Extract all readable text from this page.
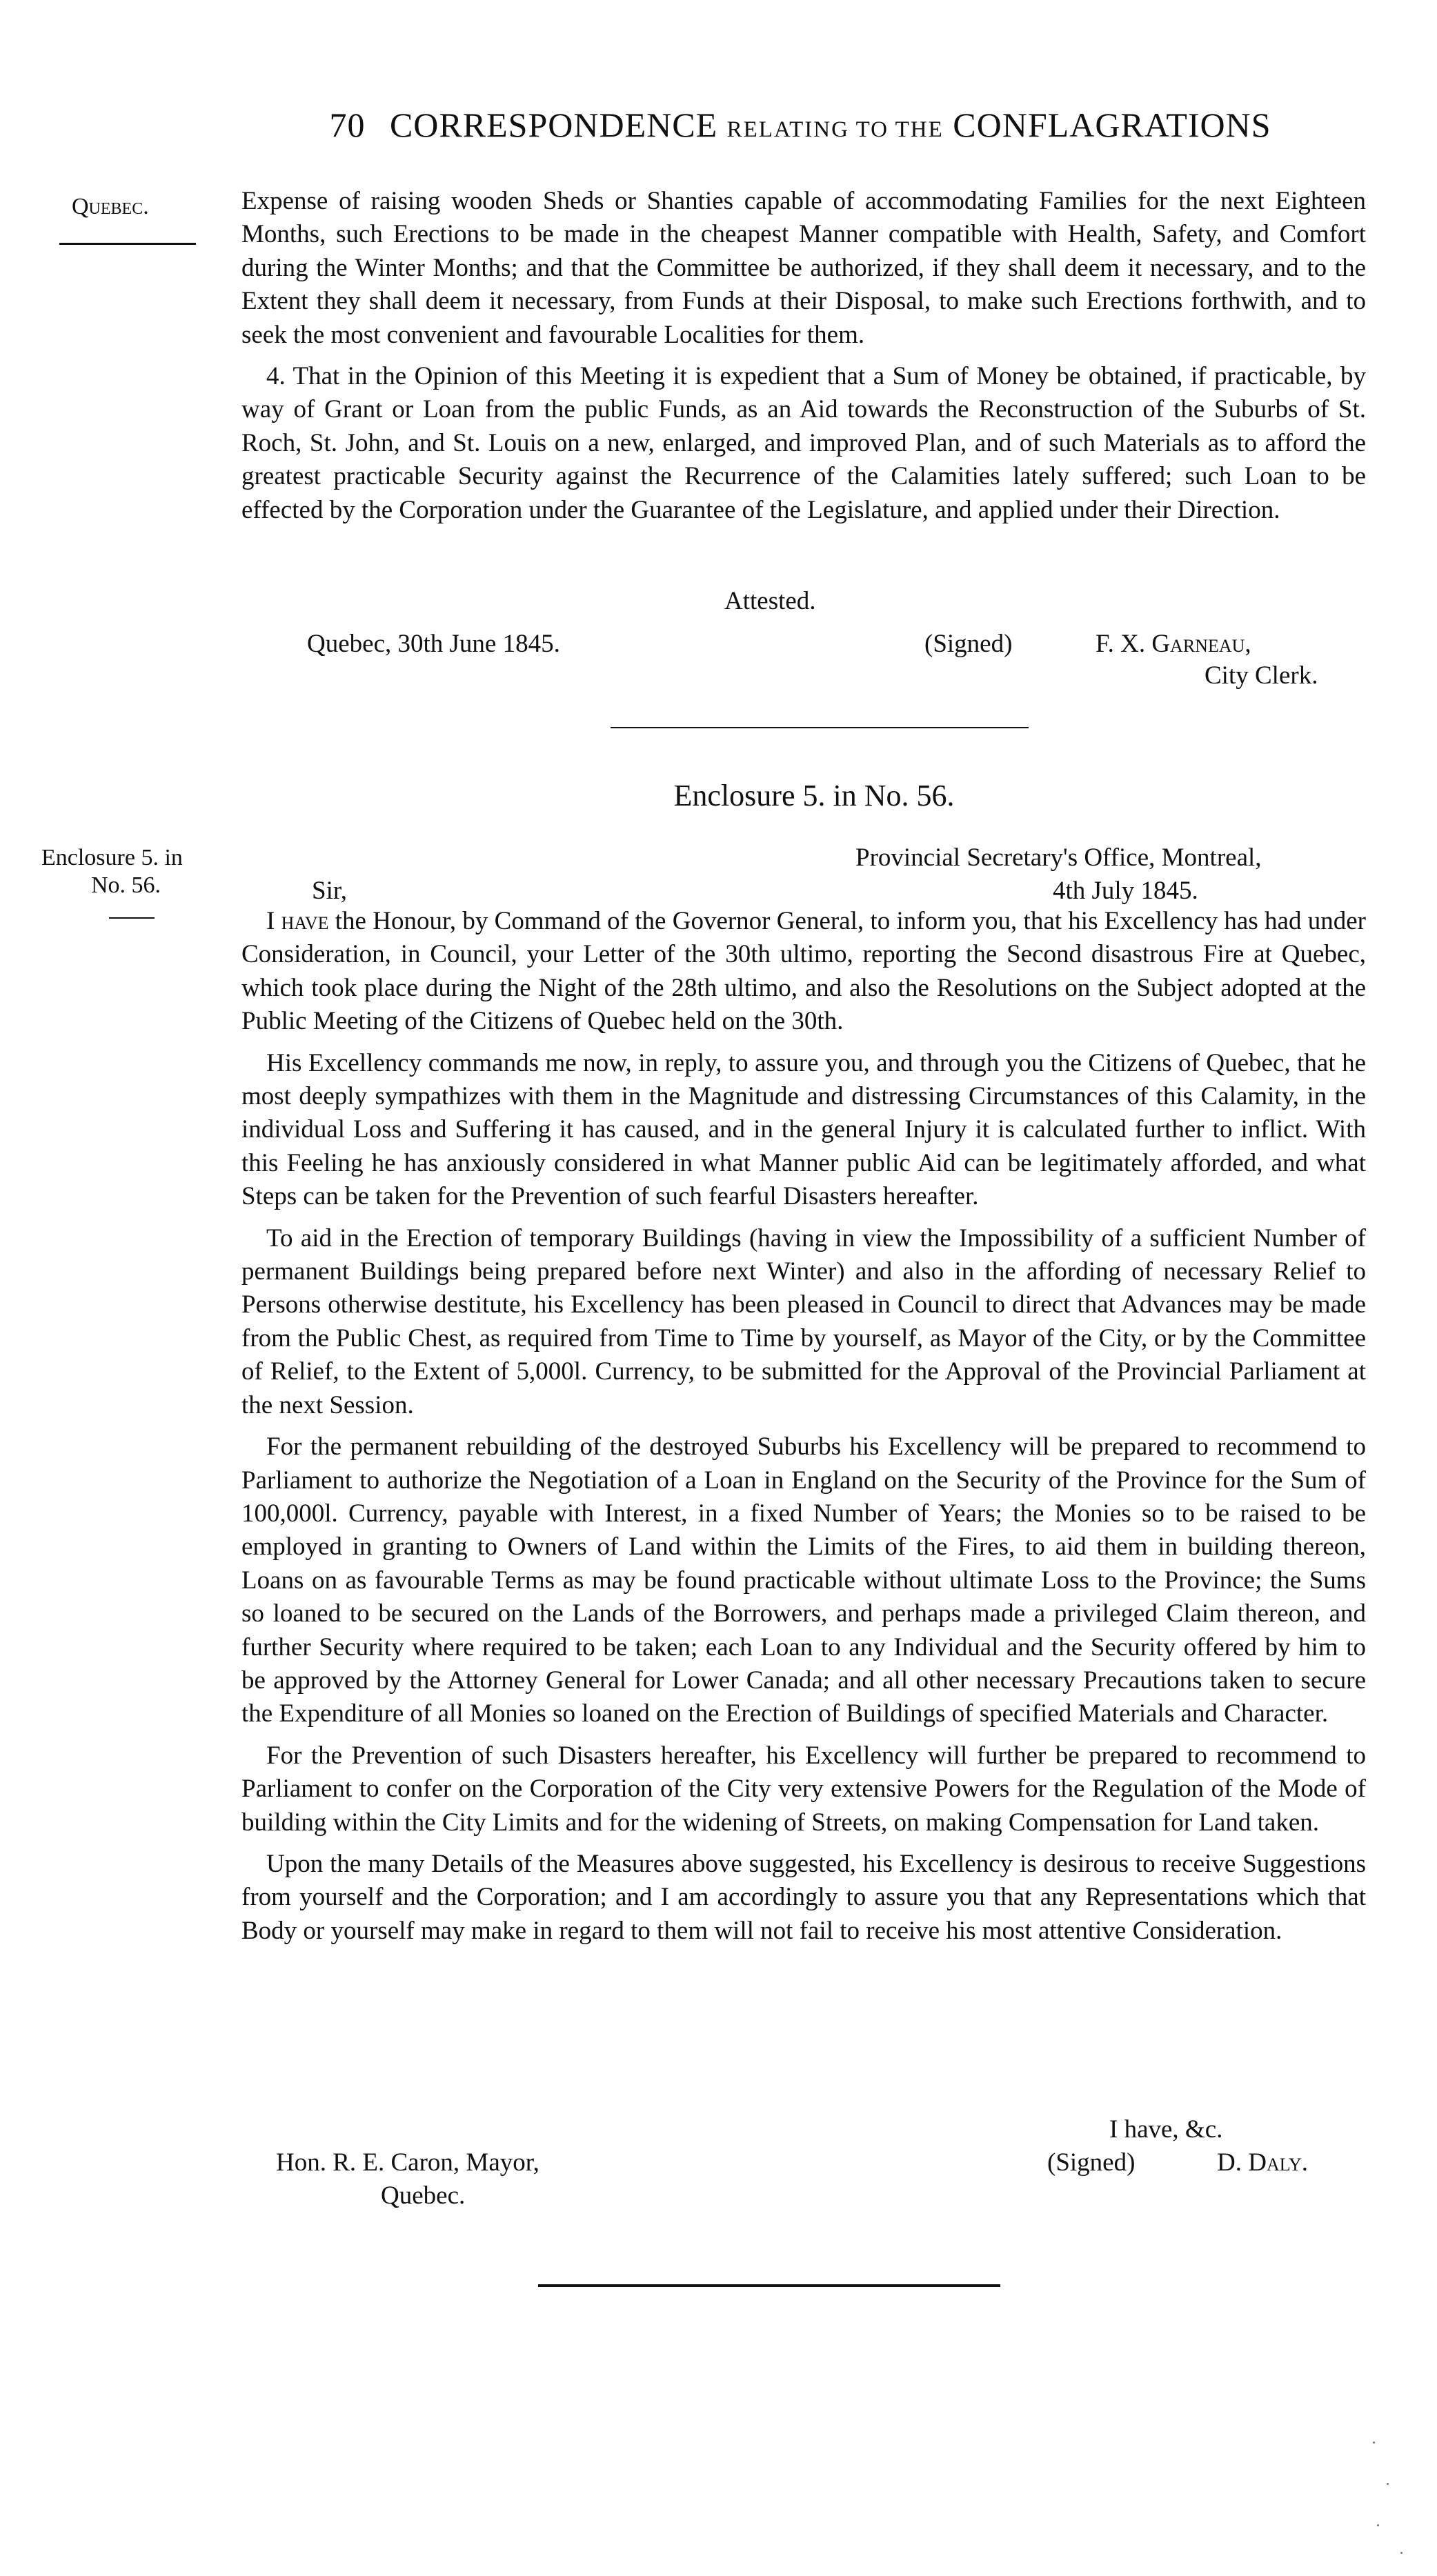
70 CORRESPONDENCE RELATING TO THE CONFLAGRATIONS
Quebec.	Expense of raising wooden Sheds or Shanties capable of accommodating Families for the next Eighteen Months, such Erections to be made in the cheapest Manner compatible with Health, Safety, and Comfort during the Winter Months; and that the Committee be authorized, if they shall deem it necessary, and to the Extent they shall deem it necessary, from Funds at their Disposal, to make such Erections forthwith, and to seek the most convenient and favourable Localities for them.

4. That in the Opinion of this Meeting it is expedient that a Sum of Money be obtained, if practicable, by way of Grant or Loan from the public Funds, as an Aid towards the Reconstruction of the Suburbs of St. Roch, St. John, and St. Louis on a new, enlarged, and improved Plan, and of such Materials as to afford the greatest practicable Security against the Recurrence of the Calamities lately suffered; such Loan to be effected by the Corporation under the Guarantee of the Legislature, and applied under their Direction.

Attested.
Quebec, 30th June 1845.	(Signed)	F. X. Garneau,
City Clerk.
Enclosure 5. in No. 56.
Enclosure 5. in
No. 56.
Provincial Secretary's Office, Montreal,
Sir,	4th July 1845.

I have the Honour, by Command of the Governor General, to inform you, that his Excellency has had under Consideration, in Council, your Letter of the 30th ultimo, reporting the Second disastrous Fire at Quebec, which took place during the Night of the 28th ultimo, and also the Resolutions on the Subject adopted at the Public Meeting of the Citizens of Quebec held on the 30th.

His Excellency commands me now, in reply, to assure you, and through you the Citizens of Quebec, that he most deeply sympathizes with them in the Magnitude and distressing Circumstances of this Calamity, in the individual Loss and Suffering it has caused, and in the general Injury it is calculated further to inflict. With this Feeling he has anxiously considered in what Manner public Aid can be legitimately afforded, and what Steps can be taken for the Prevention of such fearful Disasters hereafter.

To aid in the Erection of temporary Buildings (having in view the Impossibility of a sufficient Number of permanent Buildings being prepared before next Winter) and also in the affording of necessary Relief to Persons otherwise destitute, his Excellency has been pleased in Council to direct that Advances may be made from the Public Chest, as required from Time to Time by yourself, as Mayor of the City, or by the Committee of Relief, to the Extent of 5,000l. Currency, to be submitted for the Approval of the Provincial Parliament at the next Session.

For the permanent rebuilding of the destroyed Suburbs his Excellency will be prepared to recommend to Parliament to authorize the Negotiation of a Loan in England on the Security of the Province for the Sum of 100,000l. Currency, payable with Interest, in a fixed Number of Years; the Monies so to be raised to be employed in granting to Owners of Land within the Limits of the Fires, to aid them in building thereon, Loans on as favourable Terms as may be found practicable without ultimate Loss to the Province; the Sums so loaned to be secured on the Lands of the Borrowers, and perhaps made a privileged Claim thereon, and further Security where required to be taken; each Loan to any Individual and the Security offered by him to be approved by the Attorney General for Lower Canada; and all other necessary Precautions taken to secure the Expenditure of all Monies so loaned on the Erection of Buildings of specified Materials and Character.

For the Prevention of such Disasters hereafter, his Excellency will further be prepared to recommend to Parliament to confer on the Corporation of the City very extensive Powers for the Regulation of the Mode of building within the City Limits and for the widening of Streets, on making Compensation for Land taken.

Upon the many Details of the Measures above suggested, his Excellency is desirous to receive Suggestions from yourself and the Corporation; and I am accordingly to assure you that any Representations which that Body or yourself may make in regard to them will not fail to receive his most attentive Consideration.

I have, &c.
Hon. R. E. Caron, Mayor,	(Signed)	D. Daly.
Quebec.
